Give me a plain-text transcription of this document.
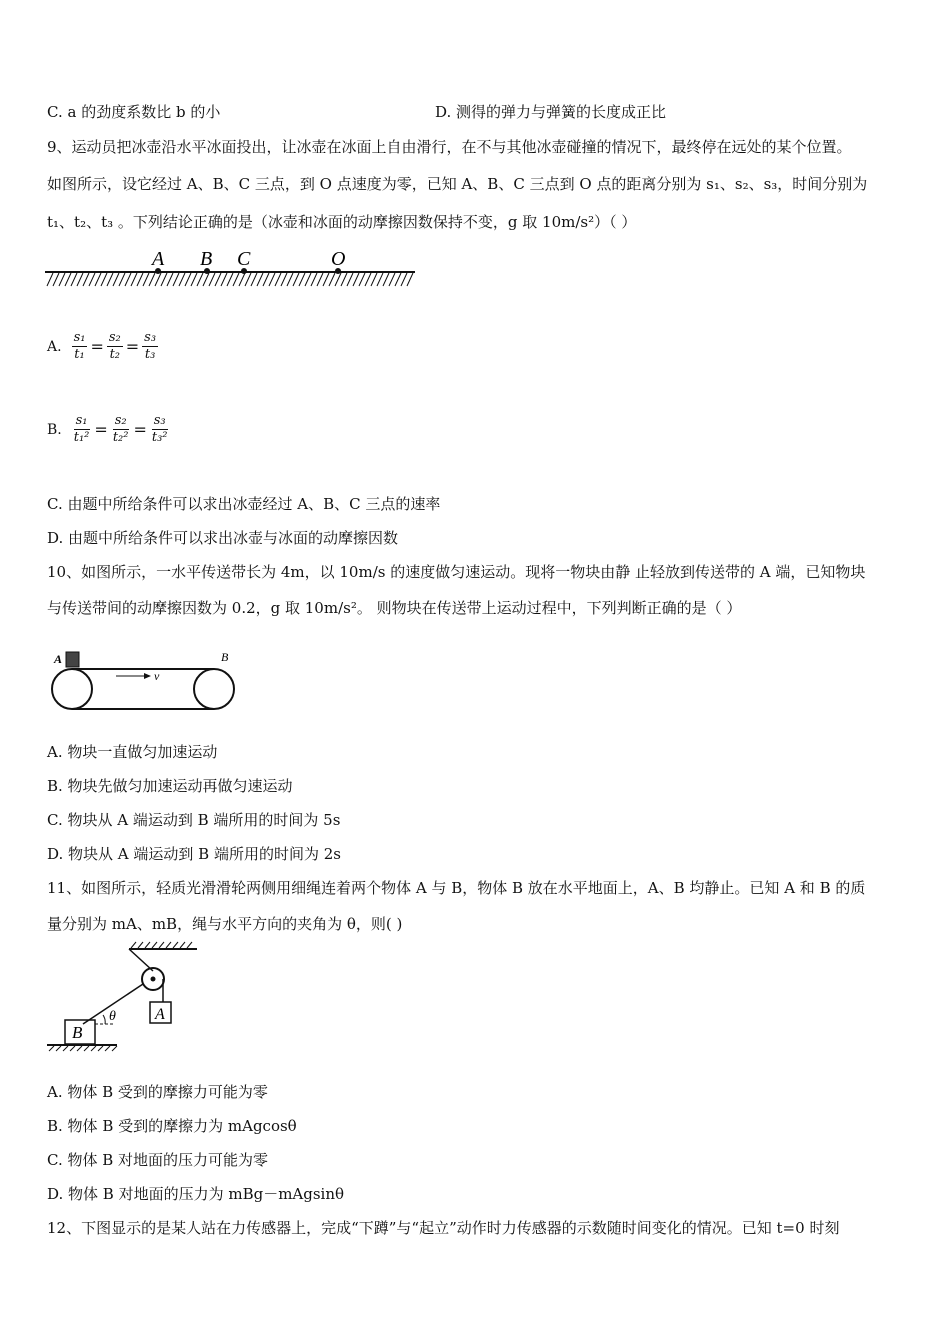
C. a 的劲度系数比 b 的小	D. 测得的弹力与弹簧的长度成正比
9、运动员把冰壶沿水平冰面投出，让冰壶在冰面上自由滑行，在不与其他冰壶碰撞的情况下，最终停在远处的某个位置。
如图所示，设它经过 A、B、C 三点，到 O 点速度为零，已知 A、B、C 三点到 O 点的距离分别为 s₁、s₂、s₃，时间分别为
t₁、t₂、t₃ 。下列结论正确的是（冰壶和冰面的动摩擦因数保持不变，g 取 10m/s²）（ ）
A B C	O
A. $\frac{\text{s₁}}{\text{t₁}} = \frac{\text{s₂}}{\text{t₂}} = \frac{\text{s₃}}{\text{t₃}}$
B. $\frac{\text{s₁}}{\text{t₁²}} = \frac{\text{s₂}}{\text{t₂²}} = \frac{\text{s₃}}{\text{t₃²}}$
C. 由题中所给条件可以求出冰壶经过 A、B、C 三点的速率
D. 由题中所给条件可以求出冰壶与冰面的动摩擦因数
10、如图所示，一水平传送带长为 4m，以 10m/s 的速度做匀速运动。现将一物块由静 止轻放到传送带的 A 端，已知物块
与传送带间的动摩擦因数为 0.2，g 取 10m/s²。 则物块在传送带上运动过程中，下列判断正确的是（ ）
A	B
v
A. 物块一直做匀加速运动
B. 物块先做匀加速运动再做匀速运动
C. 物块从 A 端运动到 B 端所用的时间为 5s
D. 物块从 A 端运动到 B 端所用的时间为 2s
11、如图所示，轻质光滑滑轮两侧用细绳连着两个物体 A 与 B，物体 B 放在水平地面上，A、B 均静止。已知 A 和 B 的质
量分别为 mA、mB，绳与水平方向的夹角为 θ，则( )
A
B
θ
A. 物体 B 受到的摩擦力可能为零
B. 物体 B 受到的摩擦力为 mAgcosθ
C. 物体 B 对地面的压力可能为零
D. 物体 B 对地面的压力为 mBg－mAgsinθ
12、下图显示的是某人站在力传感器上，完成“下蹲”与“起立”动作时力传感器的示数随时间变化的情况。已知 t=0 时刻
